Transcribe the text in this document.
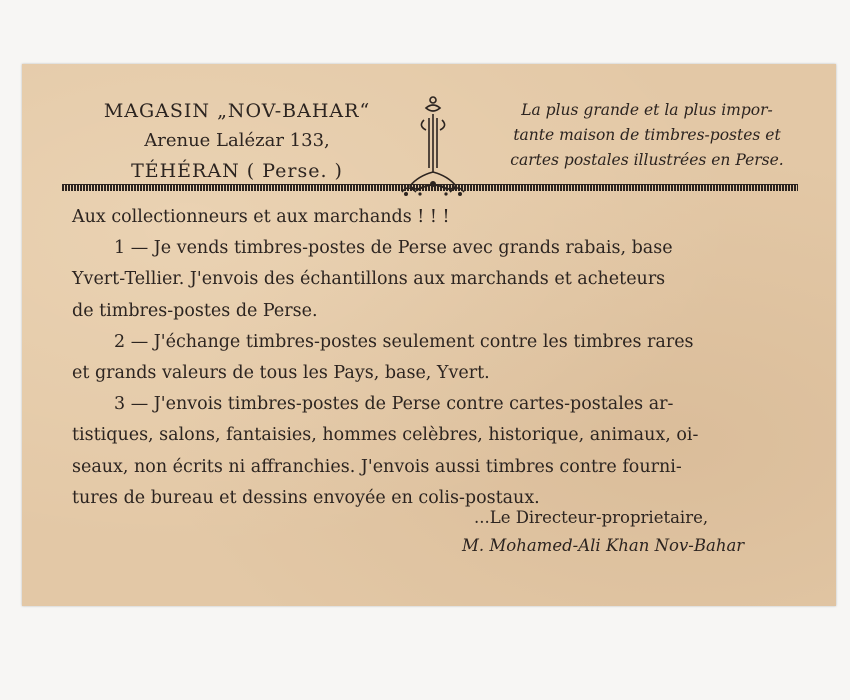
MAGASIN „NOV-BAHAR“
Arenue Lalézar 133,
TÉHÉRAN ( Perse. )
La plus grande et la plus impor-
tante maison de timbres-postes et
cartes postales illustrées en Perse.
Aux collectionneurs et aux marchands ! ! !
1 — Je vends timbres-postes de Perse avec grands rabais, base
Yvert-Tellier. J'envois des échantillons aux marchands et acheteurs
de timbres-postes de Perse.
2 — J'échange timbres-postes seulement contre les timbres rares
et grands valeurs de tous les Pays, base, Yvert.
3 — J'envois timbres-postes de Perse contre cartes-postales ar-
tistiques, salons, fantaisies, hommes celèbres, historique, animaux, oi-
seaux, non écrits ni affranchies. J'envois aussi timbres contre fourni-
tures de bureau et dessins envoyée en colis-postaux.
...Le Directeur-proprietaire,
M. Mohamed-Ali Khan Nov-Bahar
